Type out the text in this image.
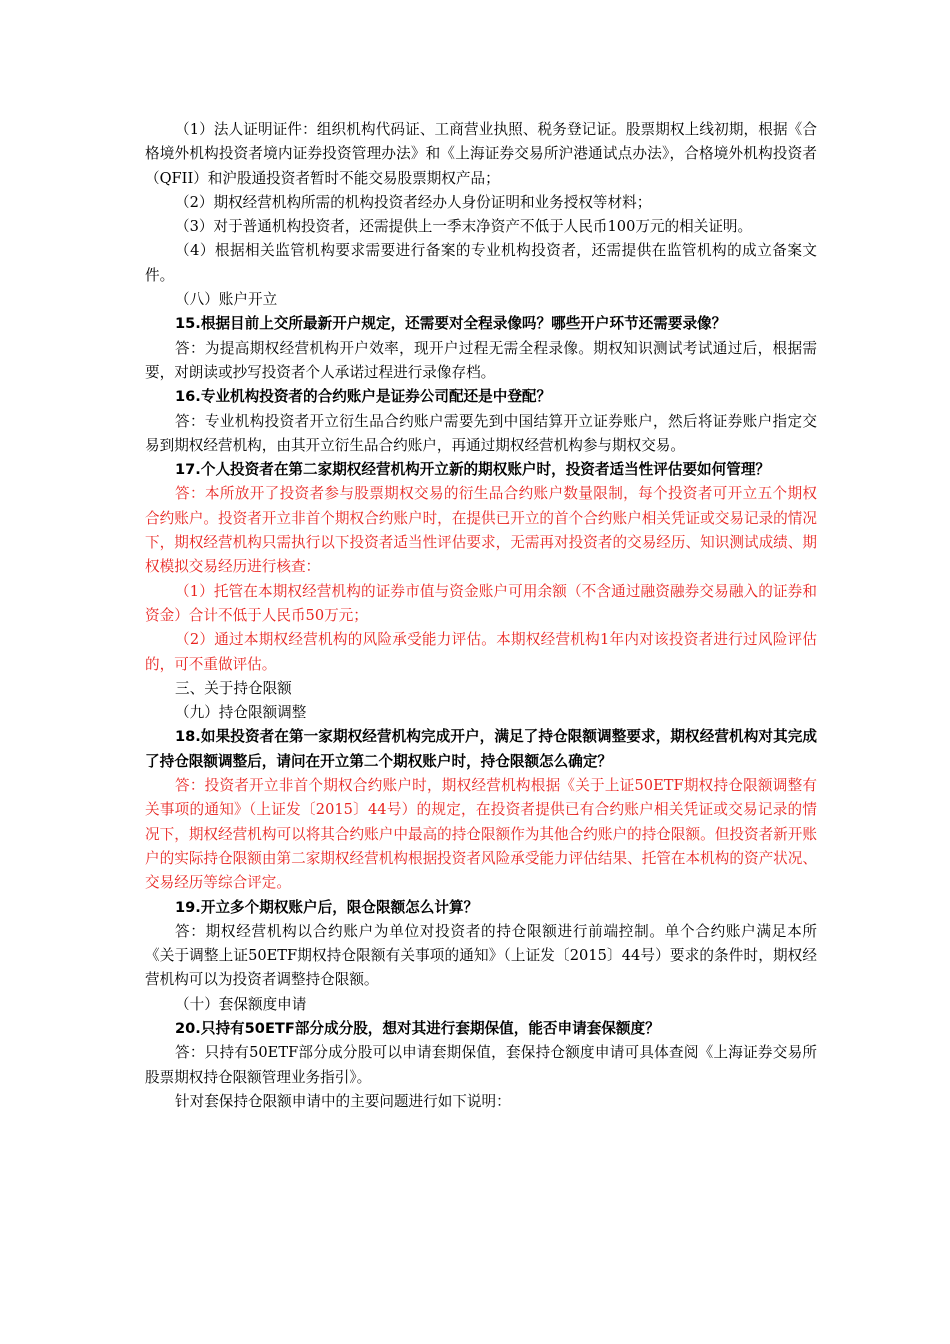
（1）法人证明证件：组织机构代码证、工商营业执照、税务登记证。股票期权上线初期，根据《合格境外机构投资者境内证券投资管理办法》和《上海证券交易所沪港通试点办法》，合格境外机构投资者（QFII）和沪股通投资者暂时不能交易股票期权产品；

（2）期权经营机构所需的机构投资者经办人身份证明和业务授权等材料；

（3）对于普通机构投资者，还需提供上一季末净资产不低于人民币100万元的相关证明。

（4）根据相关监管机构要求需要进行备案的专业机构投资者，还需提供在监管机构的成立备案文件。

（八）账户开立

15.根据目前上交所最新开户规定，还需要对全程录像吗？哪些开户环节还需要录像？

答：为提高期权经营机构开户效率，现开户过程无需全程录像。期权知识测试考试通过后，根据需要，对朗读或抄写投资者个人承诺过程进行录像存档。

16.专业机构投资者的合约账户是证券公司配还是中登配？

答：专业机构投资者开立衍生品合约账户需要先到中国结算开立证券账户，然后将证券账户指定交易到期权经营机构，由其开立衍生品合约账户，再通过期权经营机构参与期权交易。

17.个人投资者在第二家期权经营机构开立新的期权账户时，投资者适当性评估要如何管理？

答：本所放开了投资者参与股票期权交易的衍生品合约账户数量限制，每个投资者可开立五个期权合约账户。投资者开立非首个期权合约账户时，在提供已开立的首个合约账户相关凭证或交易记录的情况下，期权经营机构只需执行以下投资者适当性评估要求，无需再对投资者的交易经历、知识测试成绩、期权模拟交易经历进行核查：

（1）托管在本期权经营机构的证券市值与资金账户可用余额（不含通过融资融券交易融入的证券和资金）合计不低于人民币50万元；

（2）通过本期权经营机构的风险承受能力评估。本期权经营机构1年内对该投资者进行过风险评估的，可不重做评估。

三、关于持仓限额

（九）持仓限额调整

18.如果投资者在第一家期权经营机构完成开户，满足了持仓限额调整要求，期权经营机构对其完成了持仓限额调整后，请问在开立第二个期权账户时，持仓限额怎么确定？

答：投资者开立非首个期权合约账户时，期权经营机构根据《关于上证50ETF期权持仓限额调整有关事项的通知》（上证发〔2015〕44号）的规定，在投资者提供已有合约账户相关凭证或交易记录的情况下，期权经营机构可以将其合约账户中最高的持仓限额作为其他合约账户的持仓限额。但投资者新开账户的实际持仓限额由第二家期权经营机构根据投资者风险承受能力评估结果、托管在本机构的资产状况、交易经历等综合评定。

19.开立多个期权账户后，限仓限额怎么计算？

答：期权经营机构以合约账户为单位对投资者的持仓限额进行前端控制。单个合约账户满足本所《关于调整上证50ETF期权持仓限额有关事项的通知》（上证发〔2015〕44号）要求的条件时，期权经营机构可以为投资者调整持仓限额。

（十）套保额度申请

20.只持有50ETF部分成分股，想对其进行套期保值，能否申请套保额度？

答：只持有50ETF部分成分股可以申请套期保值，套保持仓额度申请可具体查阅《上海证券交易所股票期权持仓限额管理业务指引》。

针对套保持仓限额申请中的主要问题进行如下说明：
